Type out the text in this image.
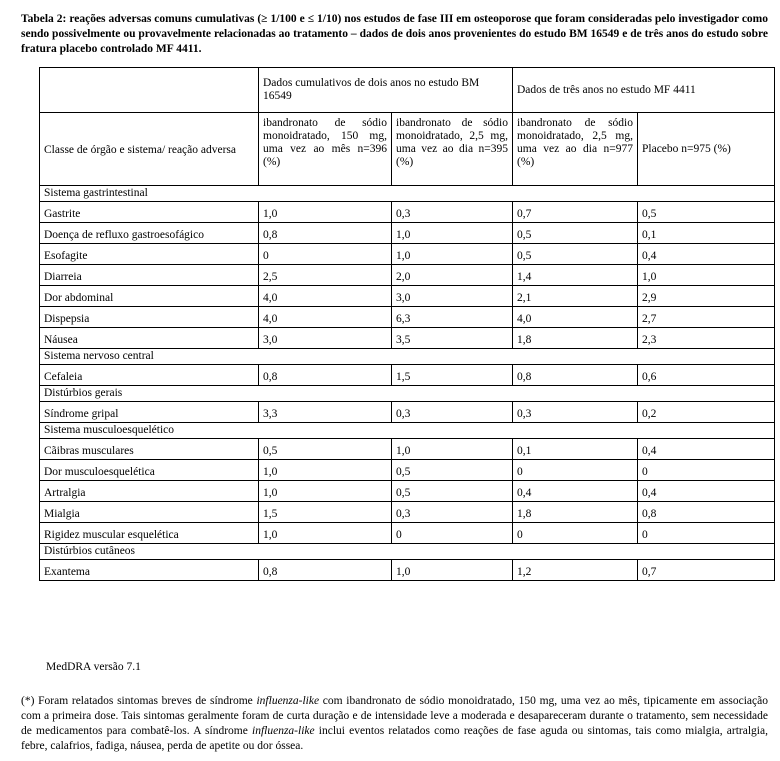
Tabela 2: reações adversas comuns cumulativas (≥ 1/100 e ≤ 1/10) nos estudos de fase III em osteoporose que foram consideradas pelo investigador como sendo possivelmente ou provavelmente relacionadas ao tratamento – dados de dois anos provenientes do estudo BM 16549 e de três anos do estudo sobre fratura placebo controlado MF 4411.
	Dados cumulativos de dois anos no estudo BM 16549		Dados de três anos no estudo MF 4411	
Classe de órgão e sistema/ reação adversa	ibandronato de sódio monoidratado, 150 mg, uma vez ao mês n=396 (%)	ibandronato de sódio monoidratado, 2,5 mg, uma vez ao dia n=395 (%)	ibandronato de sódio monoidratado, 2,5 mg, uma vez ao dia n=977 (%)	Placebo n=975 (%)
Sistema gastrintestinal				
Gastrite	1,0	0,3	0,7	0,5
Doença de refluxo gastroesofágico	0,8	1,0	0,5	0,1
Esofagite	0	1,0	0,5	0,4
Diarreia	2,5	2,0	1,4	1,0
Dor abdominal	4,0	3,0	2,1	2,9
Dispepsia	4,0	6,3	4,0	2,7
Náusea	3,0	3,5	1,8	2,3
Sistema nervoso central				
Cefaleia	0,8	1,5	0,8	0,6
Distúrbios gerais				
Síndrome gripal	3,3	0,3	0,3	0,2
Sistema musculoesquelético				
Cãibras musculares	0,5	1,0	0,1	0,4
Dor musculoesquelética	1,0	0,5	0	0
Artralgia	1,0	0,5	0,4	0,4
Mialgia	1,5	0,3	1,8	0,8
Rigidez muscular esquelética	1,0	0	0	0
Distúrbios cutâneos				
Exantema	0,8	1,0	1,2	0,7
MedDRA versão 7.1
(*) Foram relatados sintomas breves de síndrome influenza-like com ibandronato de sódio monoidratado, 150 mg, uma vez ao mês, tipicamente em associação com a primeira dose. Tais sintomas geralmente foram de curta duração e de intensidade leve a moderada e desapareceram durante o tratamento, sem necessidade de medicamentos para combatê-los. A síndrome influenza-like inclui eventos relatados como reações de fase aguda ou sintomas, tais como mialgia, artralgia, febre, calafrios, fadiga, náusea, perda de apetite ou dor óssea.
